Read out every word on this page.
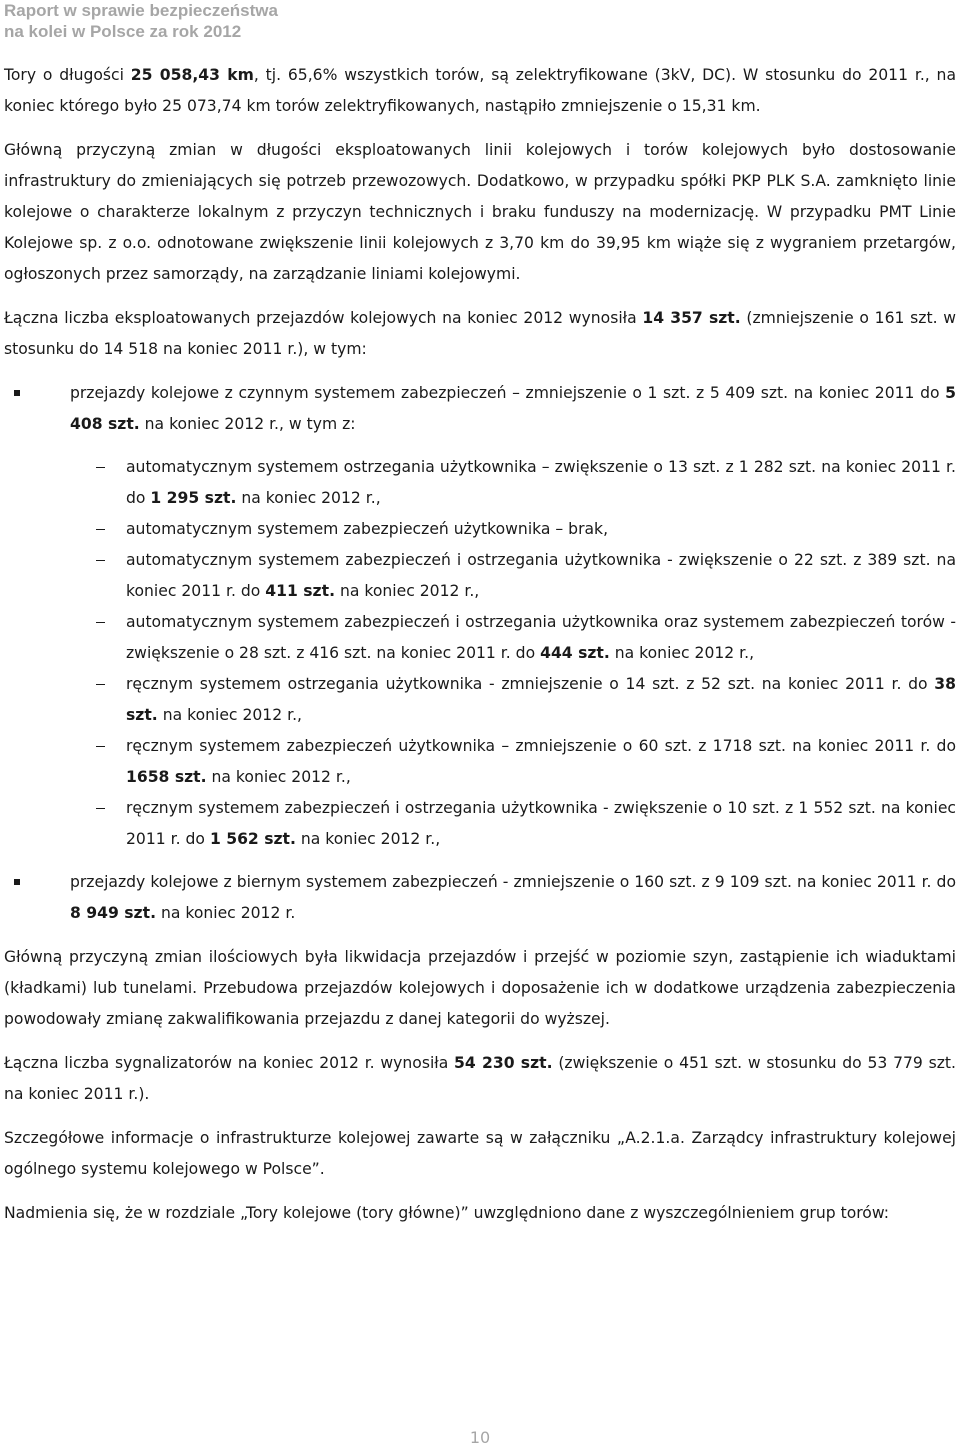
Raport w sprawie bezpieczeństwa
na kolei w Polsce za rok 2012

Tory o długości 25 058,43 km, tj. 65,6% wszystkich torów, są zelektryfikowane (3kV, DC). W stosunku do 2011 r., na koniec którego było 25 073,74 km torów zelektryfikowanych, nastąpiło zmniejszenie o 15,31 km.

Główną przyczyną zmian w długości eksploatowanych linii kolejowych i torów kolejowych było dostosowanie infrastruktury do zmieniających się potrzeb przewozowych. Dodatkowo, w przypadku spółki PKP PLK S.A. zamknięto linie kolejowe o charakterze lokalnym z przyczyn technicznych i braku funduszy na modernizację. W przypadku PMT Linie Kolejowe sp. z o.o. odnotowane zwiększenie linii kolejowych z 3,70 km do 39,95 km wiąże się z wygraniem przetargów, ogłoszonych przez samorządy, na zarządzanie liniami kolejowymi.

Łączna liczba eksploatowanych przejazdów kolejowych na koniec 2012 wynosiła 14 357 szt. (zmniejszenie o 161 szt. w stosunku do 14 518 na koniec 2011 r.), w tym:

przejazdy kolejowe z czynnym systemem zabezpieczeń – zmniejszenie o 1 szt. z 5 409 szt. na koniec 2011 do 5 408 szt. na koniec 2012 r., w tym z:
automatycznym systemem ostrzegania użytkownika – zwiększenie o 13 szt. z 1 282 szt. na koniec 2011 r. do 1 295 szt. na koniec 2012 r.,
automatycznym systemem zabezpieczeń użytkownika – brak,
automatycznym systemem zabezpieczeń i ostrzegania użytkownika - zwiększenie o 22 szt. z 389 szt. na koniec 2011 r. do 411 szt. na koniec 2012 r.,
automatycznym systemem zabezpieczeń i ostrzegania użytkownika oraz systemem zabezpieczeń torów -zwiększenie o 28 szt. z 416 szt. na koniec 2011 r. do 444 szt. na koniec 2012 r.,
ręcznym systemem ostrzegania użytkownika - zmniejszenie o 14 szt. z 52 szt. na koniec 2011 r. do 38 szt. na koniec 2012 r.,
ręcznym systemem zabezpieczeń użytkownika – zmniejszenie o 60 szt. z 1718 szt. na koniec 2011 r. do 1658 szt. na koniec 2012 r.,
ręcznym systemem zabezpieczeń i ostrzegania użytkownika - zwiększenie o 10 szt. z 1 552 szt. na koniec 2011 r. do 1 562 szt. na koniec 2012 r.,
przejazdy kolejowe z biernym systemem zabezpieczeń - zmniejszenie o 160 szt. z 9 109 szt. na koniec 2011 r. do 8 949 szt. na koniec 2012 r.

Główną przyczyną zmian ilościowych była likwidacja przejazdów i przejść w poziomie szyn, zastąpienie ich wiaduktami (kładkami) lub tunelami. Przebudowa przejazdów kolejowych i doposażenie ich w dodatkowe urządzenia zabezpieczenia powodowały zmianę zakwalifikowania przejazdu z danej kategorii do wyższej.

Łączna liczba sygnalizatorów na koniec 2012 r. wynosiła 54 230 szt. (zwiększenie o 451 szt. w stosunku do 53 779 szt. na koniec 2011 r.).

Szczegółowe informacje o infrastrukturze kolejowej zawarte są w załączniku „A.2.1.a. Zarządcy infrastruktury kolejowej ogólnego systemu kolejowego w Polsce”.

Nadmienia się, że w rozdziale „Tory kolejowe (tory główne)” uwzględniono dane z wyszczególnieniem grup torów:

10
